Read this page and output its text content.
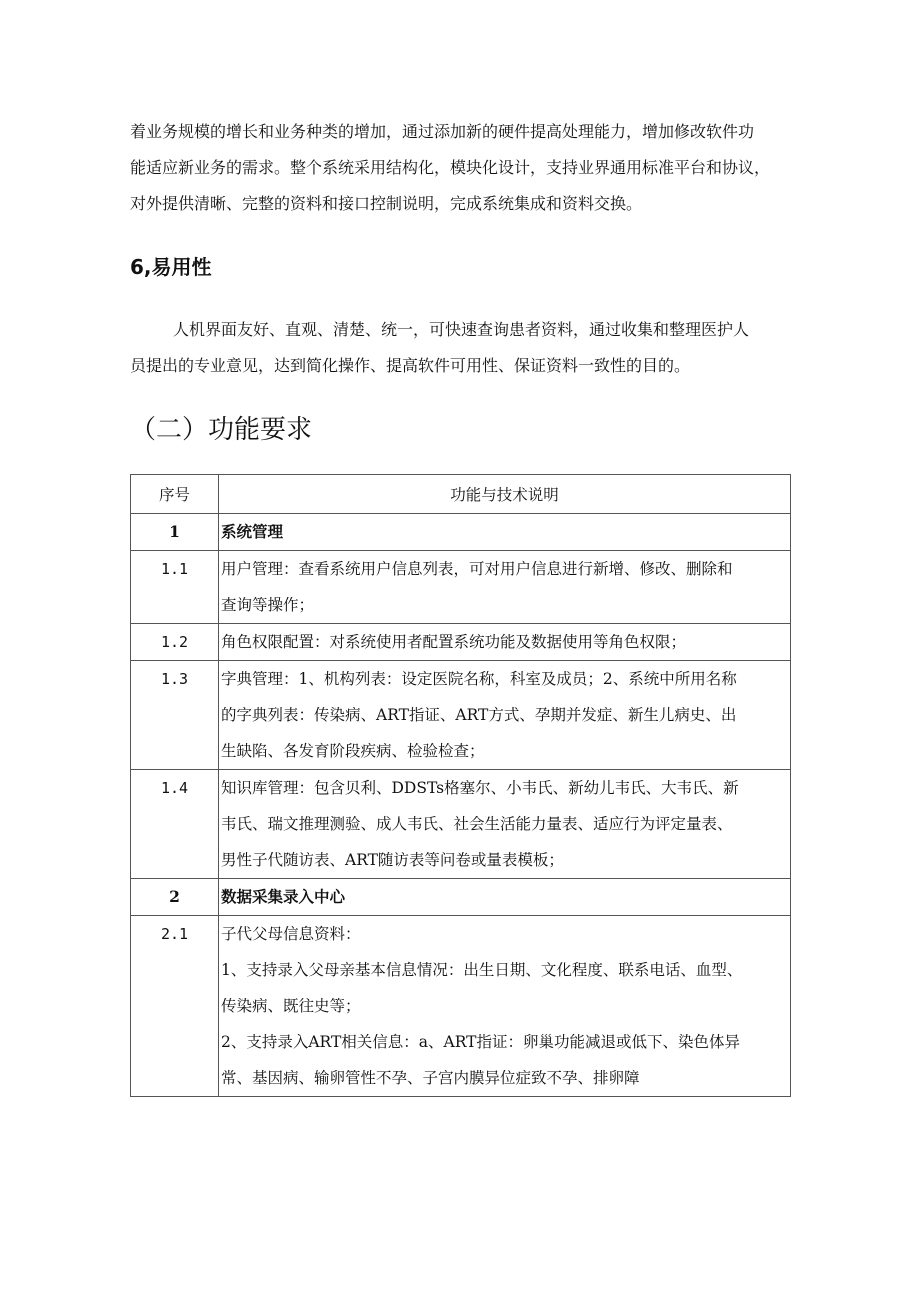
着业务规模的增长和业务种类的增加，通过添加新的硬件提高处理能力，增加修改软件功
能适应新业务的需求。整个系统采用结构化，模块化设计，支持业界通用标准平台和协议，
对外提供清晰、完整的资料和接口控制说明，完成系统集成和资料交换。
6,易用性
人机界面友好、直观、清楚、统一，可快速查询患者资料，通过收集和整理医护人
员提出的专业意见，达到简化操作、提高软件可用性、保证资料一致性的目的。
（二）功能要求
序号	功能与技术说明
1	系统管理

1.1	用户管理：查看系统用户信息列表，可对用户信息进行新增、修改、删除和
查询等操作；

1.2	角色权限配置：对系统使用者配置系统功能及数据使用等角色权限；

1.3	字典管理：1、机构列表：设定医院名称，科室及成员；2、系统中所用名称
的字典列表：传染病、ART指证、ART方式、孕期并发症、新生儿病史、出
生缺陷、各发育阶段疾病、检验检查；

1.4	知识库管理：包含贝利、DDSTs格塞尔、小韦氏、新幼儿韦氏、大韦氏、新
韦氏、瑞文推理测验、成人韦氏、社会生活能力量表、适应行为评定量表、
男性子代随访表、ART随访表等问卷或量表模板；

2	数据采集录入中心

2.1	子代父母信息资料：
1、支持录入父母亲基本信息情况：出生日期、文化程度、联系电话、血型、
传染病、既往史等；
2、支持录入ART相关信息：a、ART指证：卵巢功能减退或低下、染色体异
常、基因病、输卵管性不孕、子宫内膜异位症致不孕、排卵障
